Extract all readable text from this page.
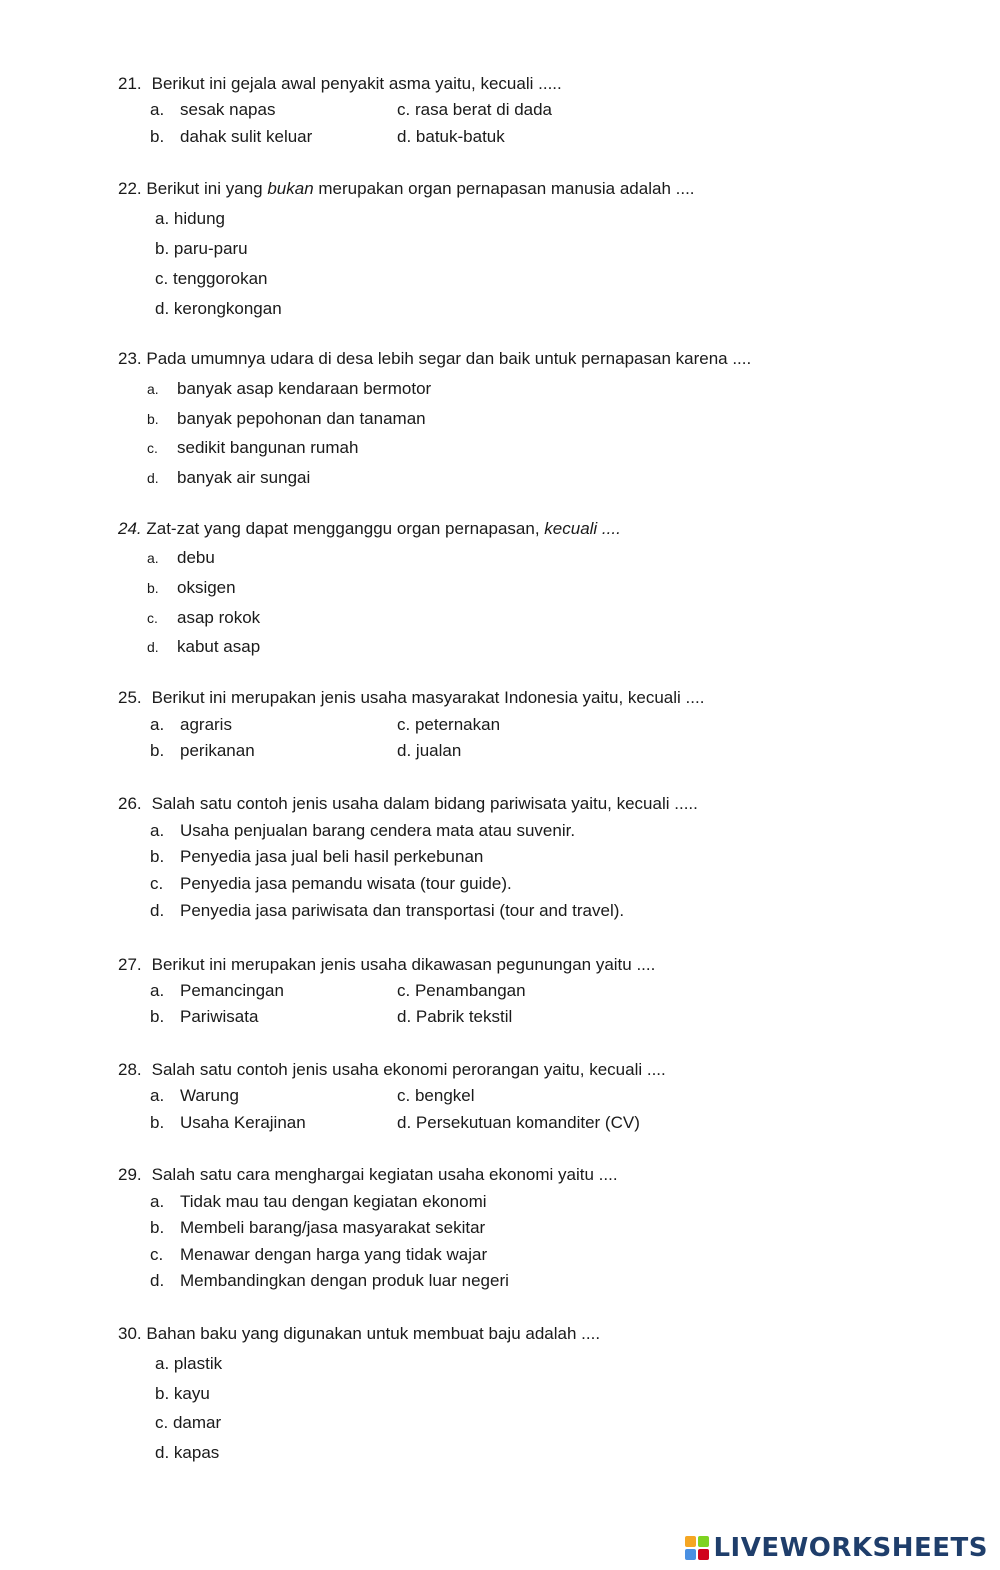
21. Berikut ini gejala awal penyakit asma yaitu, kecuali .....
a. sesak napas	c. rasa berat di dada
b. dahak sulit keluar	d. batuk-batuk
22. Berikut ini yang bukan merupakan organ pernapasan manusia adalah ....
a. hidung
b. paru-paru
c. tenggorokan
d. kerongkongan
23. Pada umumnya udara di desa lebih segar dan baik untuk pernapasan karena ....
a. banyak asap kendaraan bermotor
b. banyak pepohonan dan tanaman
c. sedikit bangunan rumah
d. banyak air sungai
24. Zat-zat yang dapat mengganggu organ pernapasan, kecuali ....
a. debu
b. oksigen
c. asap rokok
d. kabut asap
25. Berikut ini merupakan jenis usaha masyarakat Indonesia yaitu, kecuali ....
a. agraris	c. peternakan
b. perikanan	d. jualan
26. Salah satu contoh jenis usaha dalam bidang pariwisata yaitu, kecuali .....
a. Usaha penjualan barang cendera mata atau suvenir.
b. Penyedia jasa jual beli hasil perkebunan
c. Penyedia jasa pemandu wisata (tour guide).
d. Penyedia jasa pariwisata dan transportasi (tour and travel).
27. Berikut ini merupakan jenis usaha dikawasan pegunungan yaitu ....
a. Pemancingan	c. Penambangan
b. Pariwisata	d. Pabrik tekstil
28. Salah satu contoh jenis usaha ekonomi perorangan yaitu, kecuali ....
a. Warung	c. bengkel
b. Usaha Kerajinan	d. Persekutuan komanditer (CV)
29. Salah satu cara menghargai kegiatan usaha ekonomi yaitu ....
a. Tidak mau tau dengan kegiatan ekonomi
b. Membeli barang/jasa masyarakat sekitar
c. Menawar dengan harga yang tidak wajar
d. Membandingkan dengan produk luar negeri
30. Bahan baku yang digunakan untuk membuat baju adalah ....
a. plastik
b. kayu
c. damar
d. kapas
LIVEWORKSHEETS
